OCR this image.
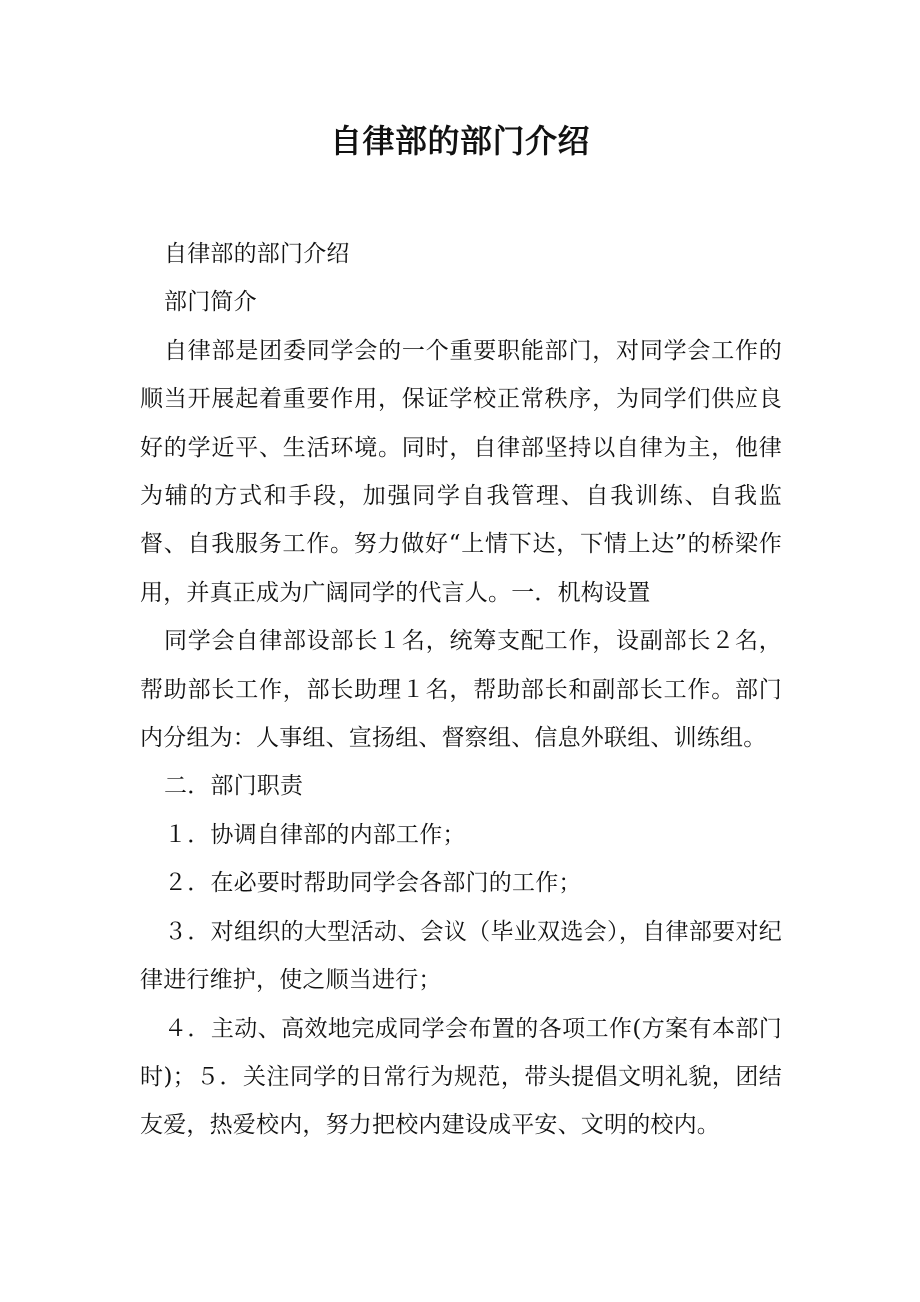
自律部的部门介绍

自律部的部门介绍

部门简介

自律部是团委同学会的一个重要职能部门，对同学会工作的顺当开展起着重要作用，保证学校正常秩序，为同学们供应良好的学近平、生活环境。同时，自律部坚持以自律为主，他律为辅的方式和手段，加强同学自我管理、自我训练、自我监督、自我服务工作。努力做好“上情下达，下情上达”的桥梁作用，并真正成为广阔同学的代言人。一．机构设置

同学会自律部设部长１名，统筹支配工作，设副部长２名，帮助部长工作，部长助理１名，帮助部长和副部长工作。部门内分组为：人事组、宣扬组、督察组、信息外联组、训练组。

二．部门职责

１．协调自律部的内部工作；

２．在必要时帮助同学会各部门的工作；

３．对组织的大型活动、会议（毕业双选会），自律部要对纪律进行维护，使之顺当进行；

４．主动、高效地完成同学会布置的各项工作(方案有本部门时)；５．关注同学的日常行为规范，带头提倡文明礼貌，团结友爱，热爱校内，努力把校内建设成平安、文明的校内。
